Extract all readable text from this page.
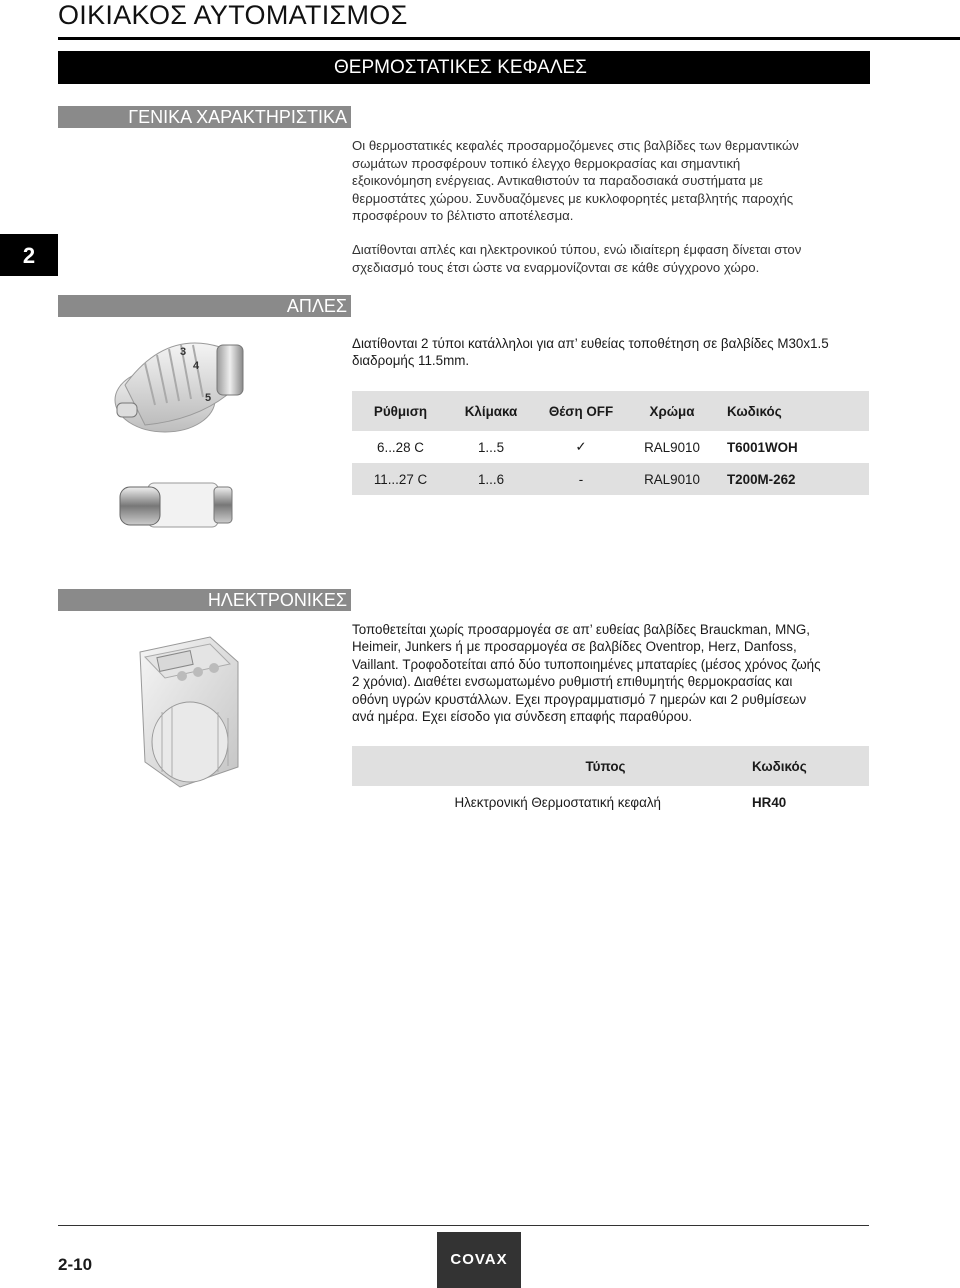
ΟΙΚΙΑΚΟΣ ΑΥΤΟΜΑΤΙΣΜΟΣ
ΘΕΡΜΟΣΤΑΤΙΚΕΣ ΚΕΦΑΛΕΣ
2
ΓΕΝΙΚΑ ΧΑΡΑΚΤΗΡΙΣΤΙΚΑ
Οι θερμοστατικές κεφαλές προσαρμοζόμενες στις βαλβίδες των θερμαντικών
σωμάτων προσφέρουν τοπικό έλεγχο θερμοκρασίας και σημαντική
εξοικονόμηση ενέργειας. Αντικαθιστούν τα παραδοσιακά συστήματα με
θερμοστάτες χώρου. Συνδυαζόμενες με κυκλοφορητές μεταβλητής παροχής
προσφέρουν το βέλτιστο αποτέλεσμα.
Διατίθονται απλές και ηλεκτρονικού τύπου, ενώ ιδιαίτερη έμφαση δίνεται στον
σχεδιασμό τους έτσι ώστε να εναρμονίζονται σε κάθε σύγχρονο χώρο.
ΑΠΛΕΣ
Διατίθονται 2 τύποι κατάλληλοι για απ’ ευθείας τοποθέτηση σε βαλβίδες Μ30x1.5
διαδρομής 11.5mm.
3
4
5
Ρύθμιση	Κλίμακα	Θέση OFF	Χρώμα	Κωδικός
6...28 C	1...5	✓	RAL9010	T6001WOH
11...27 C	1...6	-	RAL9010	T200M-262
ΗΛΕΚΤΡΟΝΙΚΕΣ
Τοποθετείται χωρίς προσαρμογέα σε απ’ ευθείας βαλβίδες Brauckman, MNG,
Heimeir, Junkers ή με προσαρμογέα σε βαλβίδες Oventrop, Herz, Danfoss,
Vaillant. Τροφοδοτείται από δύο τυποποιημένες μπαταρίες (μέσος χρόνος ζωής
2 χρόνια). Διαθέτει ενσωματωμένο ρυθμιστή επιθυμητής θερμοκρασίας και
οθόνη υγρών κρυστάλλων. Εχει προγραμματισμό 7 ημερών και 2 ρυθμίσεων
ανά ημέρα. Εχει είσοδο για σύνδεση επαφής παραθύρου.
Τύπος	Κωδικός
Ηλεκτρονική Θερμοστατική κεφαλή	HR40
2-10	COVAX
